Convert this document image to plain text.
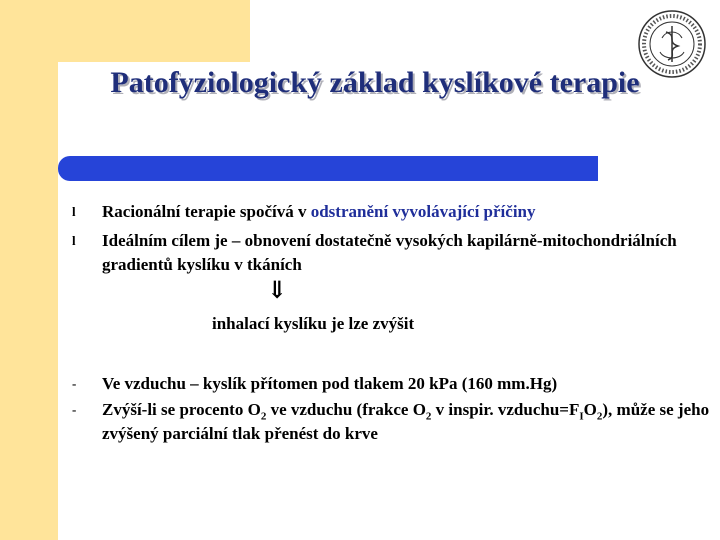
Patofyziologický základ kyslíkové terapie
l	Racionální terapie spočívá v odstranění vyvolávající příčiny
l	Ideálním cílem je – obnovení dostatečně vysokých kapilárně-mitochondriálních gradientů kyslíku v tkáních
⇓
inhalací kyslíku je lze zvýšit
-	Ve vzduchu – kyslík přítomen pod tlakem 20 kPa (160 mm.Hg)
-	Zvýší-li se procento $O_2$ ve vzduchu (frakce $O_2$ v inspir. $vzduchu=F_IO_2$), může se jeho zvýšený parciální tlak přenést do krve
